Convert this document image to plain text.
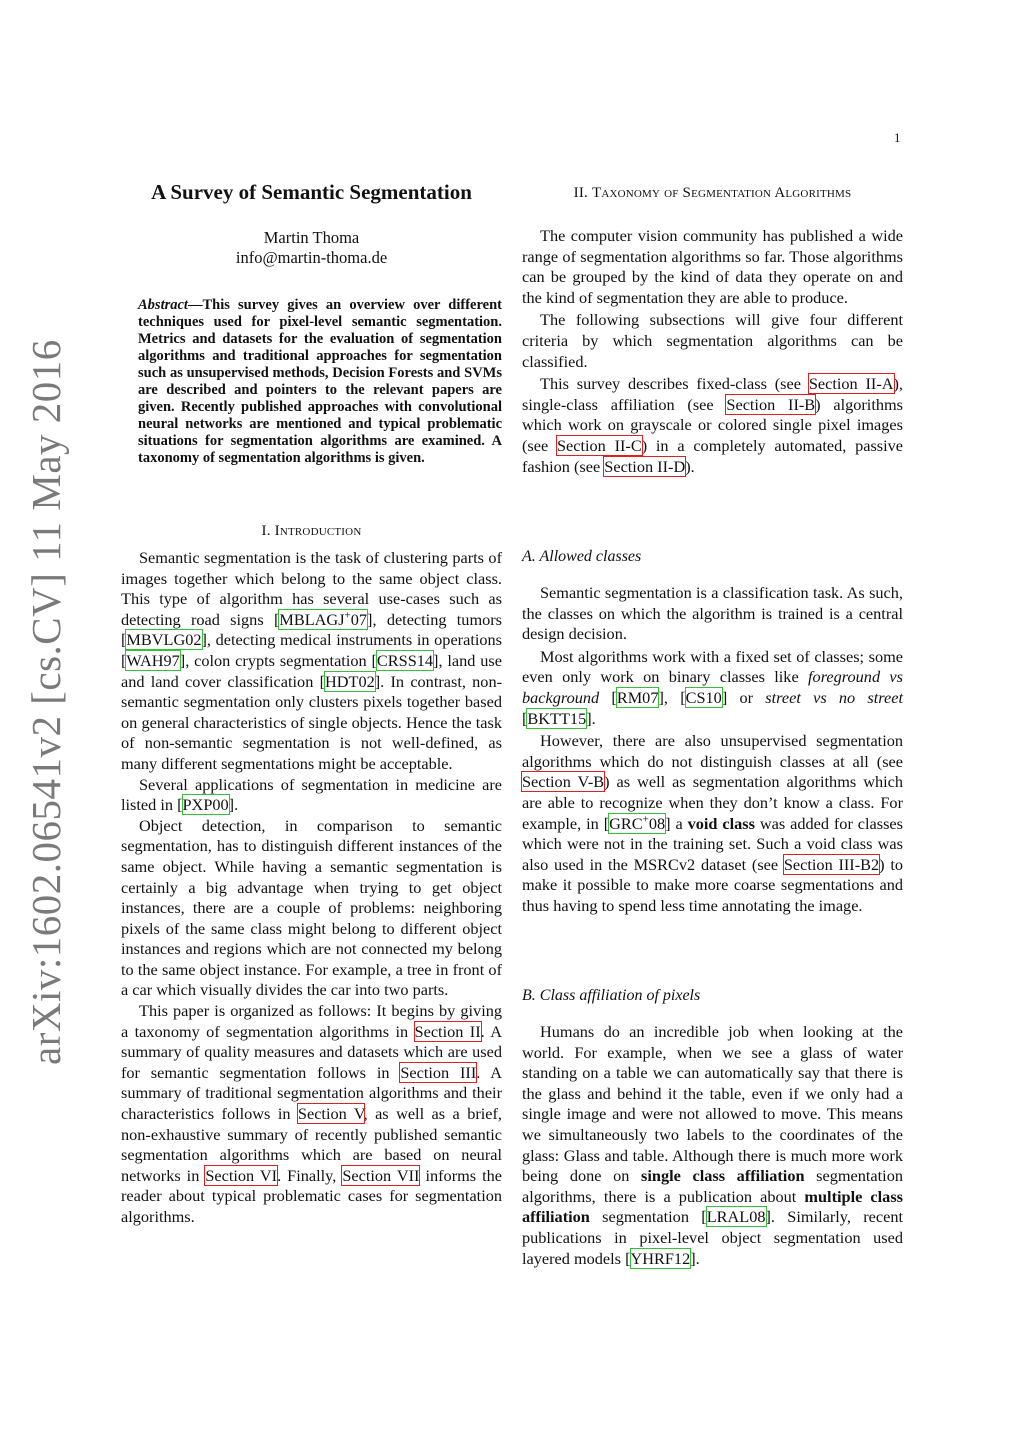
arXiv:1602.06541v2 [cs.CV] 11 May 2016
1
A Survey of Semantic Segmentation
Martin Thoma
info@martin-thoma.de

Abstract—This survey gives an overview over different techniques used for pixel-level semantic segmentation. Metrics and datasets for the evaluation of segmentation algorithms and traditional approaches for segmentation such as unsupervised methods, Decision Forests and SVMs are described and pointers to the relevant papers are given. Recently published approaches with convolutional neural networks are mentioned and typical problematic situations for segmentation algorithms are examined. A taxonomy of segmentation algorithms is given.

I. Introduction

Semantic segmentation is the task of clustering parts of images together which belong to the same object class. This type of algorithm has several use-cases such as detecting road signs [MBLAGJ+07], detecting tumors [MBVLG02], detecting medical instruments in operations [WAH97], colon crypts segmentation [CRSS14], land use and land cover classification [HDT02]. In contrast, non-semantic segmentation only clusters pixels together based on general characteristics of single objects. Hence the task of non-semantic segmentation is not well-defined, as many different segmentations might be acceptable.

Several applications of segmentation in medicine are listed in [PXP00].

Object detection, in comparison to semantic segmentation, has to distinguish different instances of the same object. While having a semantic segmentation is certainly a big advantage when trying to get object instances, there are a couple of problems: neighboring pixels of the same class might belong to different object instances and regions which are not connected my belong to the same object instance. For example, a tree in front of a car which visually divides the car into two parts.

This paper is organized as follows: It begins by giving a taxonomy of segmentation algorithms in Section II. A summary of quality measures and datasets which are used for semantic segmentation follows in Section III. A summary of traditional segmentation algorithms and their characteristics follows in Section V, as well as a brief, non-exhaustive summary of recently published semantic segmentation algorithms which are based on neural networks in Section VI. Finally, Section VII informs the reader about typical problematic cases for segmentation algorithms.

II. Taxonomy of Segmentation Algorithms

The computer vision community has published a wide range of segmentation algorithms so far. Those algorithms can be grouped by the kind of data they operate on and the kind of segmentation they are able to produce.

The following subsections will give four different criteria by which segmentation algorithms can be classified.

This survey describes fixed-class (see Section II-A), single-class affiliation (see Section II-B) algorithms which work on grayscale or colored single pixel images (see Section II-C) in a completely automated, passive fashion (see Section II-D).

A. Allowed classes

Semantic segmentation is a classification task. As such, the classes on which the algorithm is trained is a central design decision.

Most algorithms work with a fixed set of classes; some even only work on binary classes like foreground vs background [RM07], [CS10] or street vs no street [BKTT15].

However, there are also unsupervised segmentation algorithms which do not distinguish classes at all (see Section V-B) as well as segmentation algorithms which are able to recognize when they don’t know a class. For example, in [GRC+08] a void class was added for classes which were not in the training set. Such a void class was also used in the MSRCv2 dataset (see Section III-B2) to make it possible to make more coarse segmentations and thus having to spend less time annotating the image.

B. Class affiliation of pixels

Humans do an incredible job when looking at the world. For example, when we see a glass of water standing on a table we can automatically say that there is the glass and behind it the table, even if we only had a single image and were not allowed to move. This means we simultaneously two labels to the coordinates of the glass: Glass and table. Although there is much more work being done on single class affiliation segmentation algorithms, there is a publication about multiple class affiliation segmentation [LRAL08]. Similarly, recent publications in pixel-level object segmentation used layered models [YHRF12].
